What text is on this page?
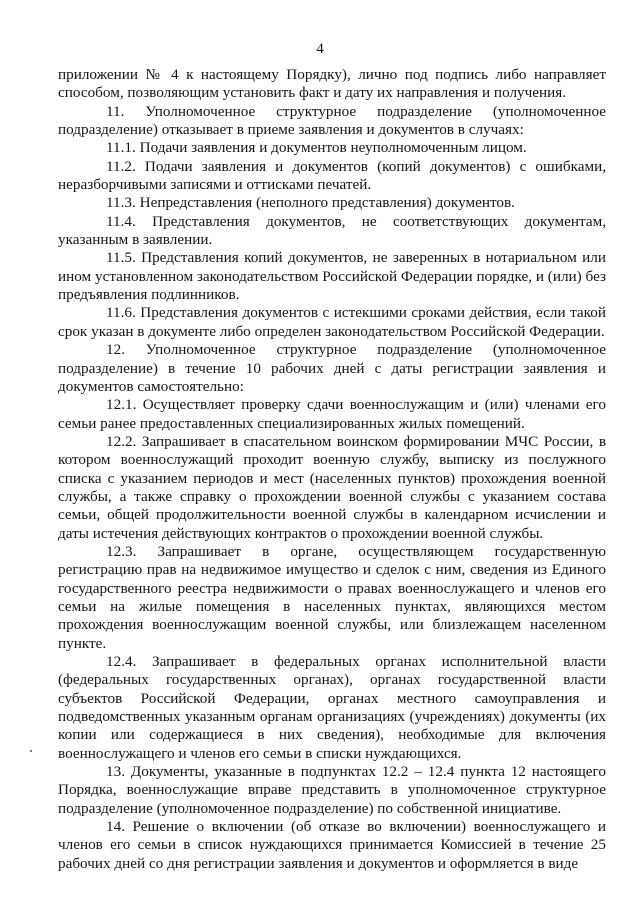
4

приложении № 4 к настоящему Порядку), лично под подпись либо направляет способом, позволяющим установить факт и дату их направления и получения.

11. Уполномоченное структурное подразделение (уполномоченное подразделение) отказывает в приеме заявления и документов в случаях:

11.1. Подачи заявления и документов неуполномоченным лицом.

11.2. Подачи заявления и документов (копий документов) с ошибками, неразборчивыми записями и оттисками печатей.

11.3. Непредставления (неполного представления) документов.

11.4. Представления документов, не соответствующих документам, указанным в заявлении.

11.5. Представления копий документов, не заверенных в нотариальном или ином установленном законодательством Российской Федерации порядке, и (или) без предъявления подлинников.

11.6. Представления документов с истекшими сроками действия, если такой срок указан в документе либо определен законодательством Российской Федерации.

12. Уполномоченное структурное подразделение (уполномоченное подразделение) в течение 10 рабочих дней с даты регистрации заявления и документов самостоятельно:

12.1. Осуществляет проверку сдачи военнослужащим и (или) членами его семьи ранее предоставленных специализированных жилых помещений.

12.2. Запрашивает в спасательном воинском формировании МЧС России, в котором военнослужащий проходит военную службу, выписку из послужного списка с указанием периодов и мест (населенных пунктов) прохождения военной службы, а также справку о прохождении военной службы с указанием состава семьи, общей продолжительности военной службы в календарном исчислении и даты истечения действующих контрактов о прохождении военной службы.

12.3. Запрашивает в органе, осуществляющем государственную регистрацию прав на недвижимое имущество и сделок с ним, сведения из Единого государственного реестра недвижимости о правах военнослужащего и членов его семьи на жилые помещения в населенных пунктах, являющихся местом прохождения военнослужащим военной службы, или близлежащем населенном пункте.

12.4. Запрашивает в федеральных органах исполнительной власти (федеральных государственных органах), органах государственной власти субъектов Российской Федерации, органах местного самоуправления и подведомственных указанным органам организациях (учреждениях) документы (их копии или содержащиеся в них сведения), необходимые для включения военнослужащего и членов его семьи в списки нуждающихся.

13. Документы, указанные в подпунктах 12.2 – 12.4 пункта 12 настоящего Порядка, военнослужащие вправе представить в уполномоченное структурное подразделение (уполномоченное подразделение) по собственной инициативе.

14. Решение о включении (об отказе во включении) военнослужащего и членов его семьи в список нуждающихся принимается Комиссией в течение 25 рабочих дней со дня регистрации заявления и документов и оформляется в виде
